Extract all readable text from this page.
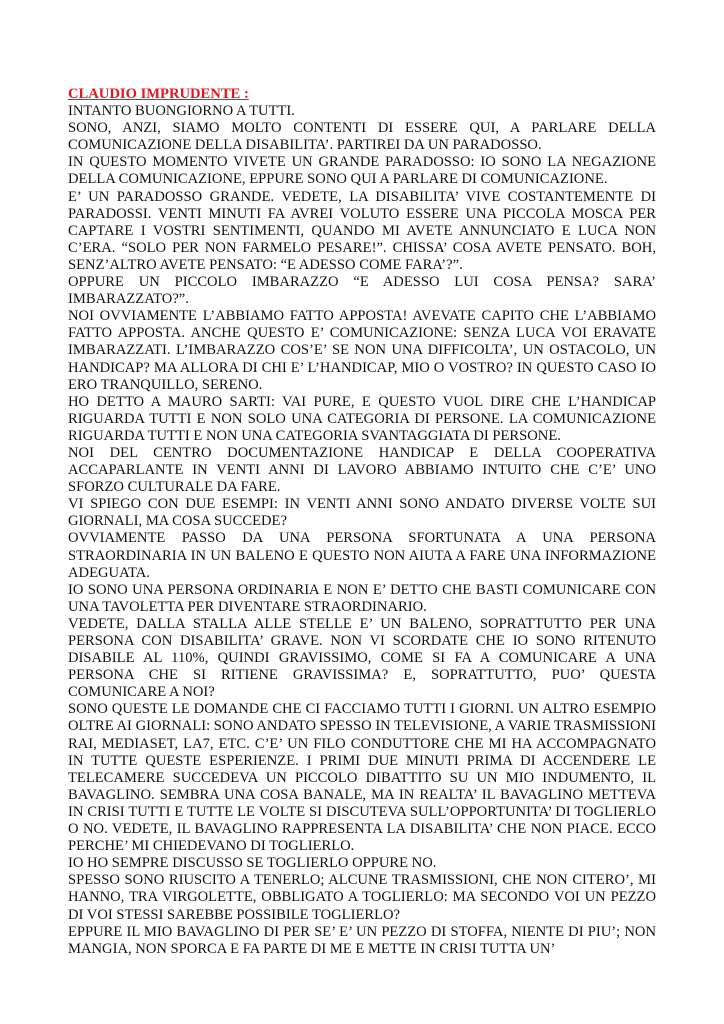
CLAUDIO IMPRUDENTE :

INTANTO BUONGIORNO A TUTTI.

SONO, ANZI, SIAMO MOLTO CONTENTI DI ESSERE QUI, A PARLARE DELLA COMUNICAZIONE DELLA DISABILITA’. PARTIREI DA UN PARADOSSO.

IN QUESTO MOMENTO VIVETE UN GRANDE PARADOSSO: IO SONO LA NEGAZIONE DELLA COMUNICAZIONE, EPPURE SONO QUI A PARLARE DI COMUNICAZIONE.

E’ UN PARADOSSO GRANDE. VEDETE, LA DISABILITA’ VIVE COSTANTEMENTE DI PARADOSSI. VENTI MINUTI FA AVREI VOLUTO ESSERE UNA PICCOLA MOSCA PER CAPTARE I VOSTRI SENTIMENTI, QUANDO MI AVETE ANNUNCIATO E LUCA NON C’ERA. “SOLO PER NON FARMELO PESARE!”. CHISSA’ COSA AVETE PENSATO. BOH, SENZ’ALTRO AVETE PENSATO: “E ADESSO COME FARA’?”.

OPPURE UN PICCOLO IMBARAZZO “E ADESSO LUI COSA PENSA? SARA’ IMBARAZZATO?”.

NOI OVVIAMENTE L’ABBIAMO FATTO APPOSTA! AVEVATE CAPITO CHE L’ABBIAMO FATTO APPOSTA. ANCHE QUESTO E’ COMUNICAZIONE: SENZA LUCA VOI ERAVATE IMBARAZZATI. L’IMBARAZZO COS’E’ SE NON UNA DIFFICOLTA’, UN OSTACOLO, UN HANDICAP? MA ALLORA DI CHI E’ L’HANDICAP, MIO O VOSTRO? IN QUESTO CASO IO ERO TRANQUILLO, SERENO.

HO DETTO A MAURO SARTI: VAI PURE, E QUESTO VUOL DIRE CHE L’HANDICAP RIGUARDA TUTTI E NON SOLO UNA CATEGORIA DI PERSONE. LA COMUNICAZIONE RIGUARDA TUTTI E NON UNA CATEGORIA SVANTAGGIATA DI PERSONE.

NOI DEL CENTRO DOCUMENTAZIONE HANDICAP E DELLA COOPERATIVA ACCAPARLANTE IN VENTI ANNI DI LAVORO ABBIAMO INTUITO CHE C’E’ UNO SFORZO CULTURALE DA FARE.

VI SPIEGO CON DUE ESEMPI: IN VENTI ANNI SONO ANDATO DIVERSE VOLTE SUI GIORNALI, MA COSA SUCCEDE?

OVVIAMENTE PASSO DA UNA PERSONA SFORTUNATA A UNA PERSONA STRAORDINARIA IN UN BALENO E QUESTO NON AIUTA A FARE UNA INFORMAZIONE ADEGUATA.

IO SONO UNA PERSONA ORDINARIA E NON E’ DETTO CHE BASTI COMUNICARE CON UNA TAVOLETTA PER DIVENTARE STRAORDINARIO.

VEDETE, DALLA STALLA ALLE STELLE E’ UN BALENO, SOPRATTUTTO PER UNA PERSONA CON DISABILITA’ GRAVE. NON VI SCORDATE CHE IO SONO RITENUTO DISABILE AL 110%, QUINDI GRAVISSIMO, COME SI FA A COMUNICARE A UNA PERSONA CHE SI RITIENE GRAVISSIMA? E, SOPRATTUTTO, PUO’ QUESTA COMUNICARE A NOI?

SONO QUESTE LE DOMANDE CHE CI FACCIAMO TUTTI I GIORNI. UN ALTRO ESEMPIO OLTRE AI GIORNALI: SONO ANDATO SPESSO IN TELEVISIONE, A VARIE TRASMISSIONI RAI, MEDIASET, LA7, ETC. C’E’ UN FILO CONDUTTORE CHE MI HA ACCOMPAGNATO IN TUTTE QUESTE ESPERIENZE. I PRIMI DUE MINUTI PRIMA DI ACCENDERE LE TELECAMERE SUCCEDEVA UN PICCOLO DIBATTITO SU UN MIO INDUMENTO, IL BAVAGLINO. SEMBRA UNA COSA BANALE, MA IN REALTA’ IL BAVAGLINO METTEVA IN CRISI TUTTI E TUTTE LE VOLTE SI DISCUTEVA SULL’OPPORTUNITA’ DI TOGLIERLO O NO. VEDETE, IL BAVAGLINO RAPPRESENTA LA DISABILITA’ CHE NON PIACE. ECCO PERCHE’ MI CHIEDEVANO DI TOGLIERLO.

IO HO SEMPRE DISCUSSO SE TOGLIERLO OPPURE NO.

SPESSO SONO RIUSCITO A TENERLO; ALCUNE TRASMISSIONI, CHE NON CITERO’, MI HANNO, TRA VIRGOLETTE, OBBLIGATO A TOGLIERLO: MA SECONDO VOI UN PEZZO DI VOI STESSI SAREBBE POSSIBILE TOGLIERLO?

EPPURE IL MIO BAVAGLINO DI PER SE’ E’ UN PEZZO DI STOFFA, NIENTE DI PIU’; NON MANGIA, NON SPORCA E FA PARTE DI ME E METTE IN CRISI TUTTA UN’
